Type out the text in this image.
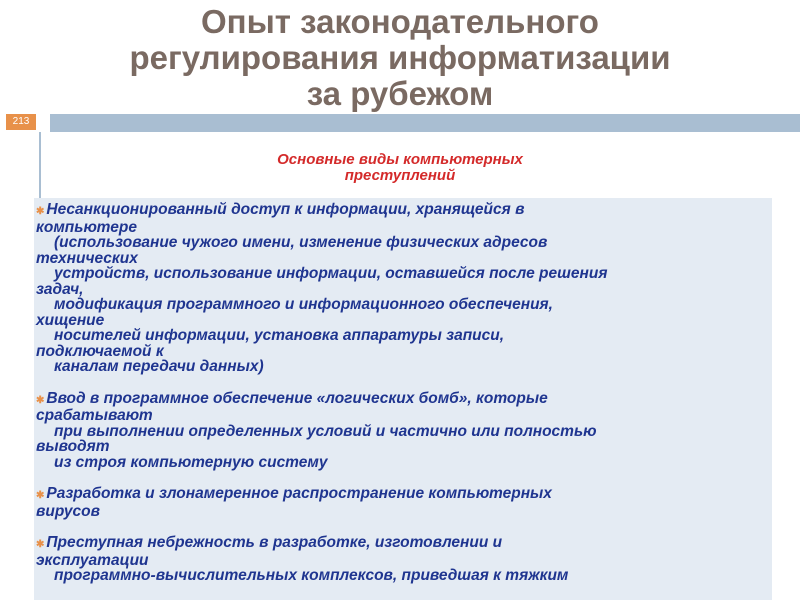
Опыт законодательного
регулирования информатизации
за рубежом
213
Основные виды компьютерных
преступлений
✱ Несанкционированный доступ к информации, хранящейся в
компьютере
(использование чужого имени, изменение физических адресов
технических
устройств, использование информации, оставшейся после решения
задач,
модификация программного и информационного обеспечения,
хищение
носителей информации, установка аппаратуры записи,
подключаемой к
каналам передачи данных)
✱ Ввод в программное обеспечение «логических бомб», которые
срабатывают
при выполнении определенных условий и частично или полностью
выводят
из строя компьютерную систему
✱ Разработка и злонамеренное распространение компьютерных
вирусов
✱ Преступная небрежность в разработке, изготовлении и
эксплуатации
программно-вычислительных комплексов, приведшая к тяжким
